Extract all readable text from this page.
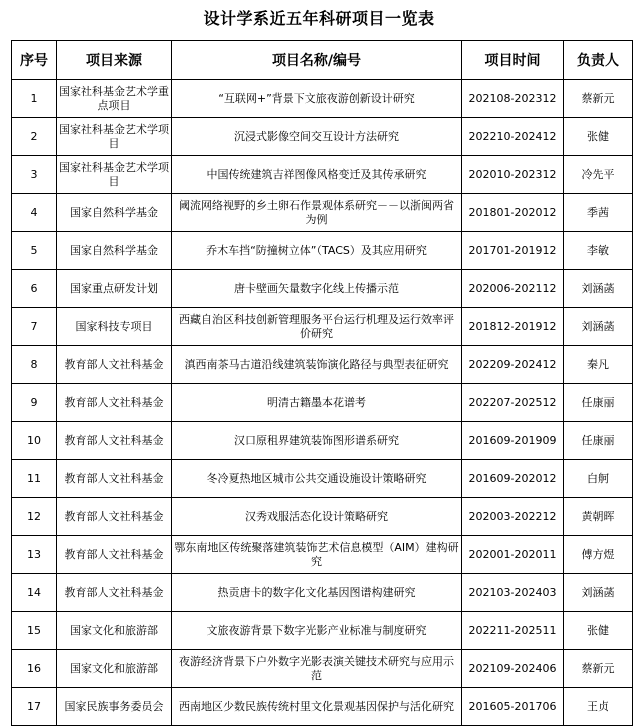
设计学系近五年科研项目一览表
序号	项目来源	项目名称/编号	项目时间	负责人
1	国家社科基金艺术学重点项目	“互联网+”背景下文旅夜游创新设计研究	202108-202312	蔡新元
2	国家社科基金艺术学项目	沉浸式影像空间交互设计方法研究	202210-202412	张健
3	国家社科基金艺术学项目	中国传统建筑吉祥图像风格变迁及其传承研究	202010-202312	冷先平
4	国家自然科学基金	阈流网络视野的乡土卵石作景观体系研究－－以浙闽两省为例	201801-202012	季茜
5	国家自然科学基金	乔木车挡“防撞树立体”（TACS）及其应用研究	201701-201912	李敏
6	国家重点研发计划	唐卡壁画矢量数字化线上传播示范	202006-202112	刘涵菡
7	国家科技专项目	西藏自治区科技创新管理服务平台运行机理及运行效率评价研究	201812-201912	刘涵菡
8	教育部人文社科基金	滇西南茶马古道沿线建筑装饰演化路径与典型表征研究	202209-202412	秦凡
9	教育部人文社科基金	明清古籍墨本花谱考	202207-202512	任康丽
10	教育部人文社科基金	汉口原租界建筑装饰图形谱系研究	201609-201909	任康丽
11	教育部人文社科基金	冬冷夏热地区城市公共交通设施设计策略研究	201609-202012	白舸
12	教育部人文社科基金	汉秀戏服活态化设计策略研究	202003-202212	黄朝晖
13	教育部人文社科基金	鄂东南地区传统聚落建筑装饰艺术信息模型（AIM）建构研究	202001-202011	傅方煜
14	教育部人文社科基金	热贡唐卡的数字化文化基因图谱构建研究	202103-202403	刘涵菡
15	国家文化和旅游部	文旅夜游背景下数字光影产业标准与制度研究	202211-202511	张健
16	国家文化和旅游部	夜游经济背景下户外数字光影表演关键技术研究与应用示范	202109-202406	蔡新元
17	国家民族事务委员会	西南地区少数民族传统村里文化景观基因保护与活化研究	201605-201706	王贞
